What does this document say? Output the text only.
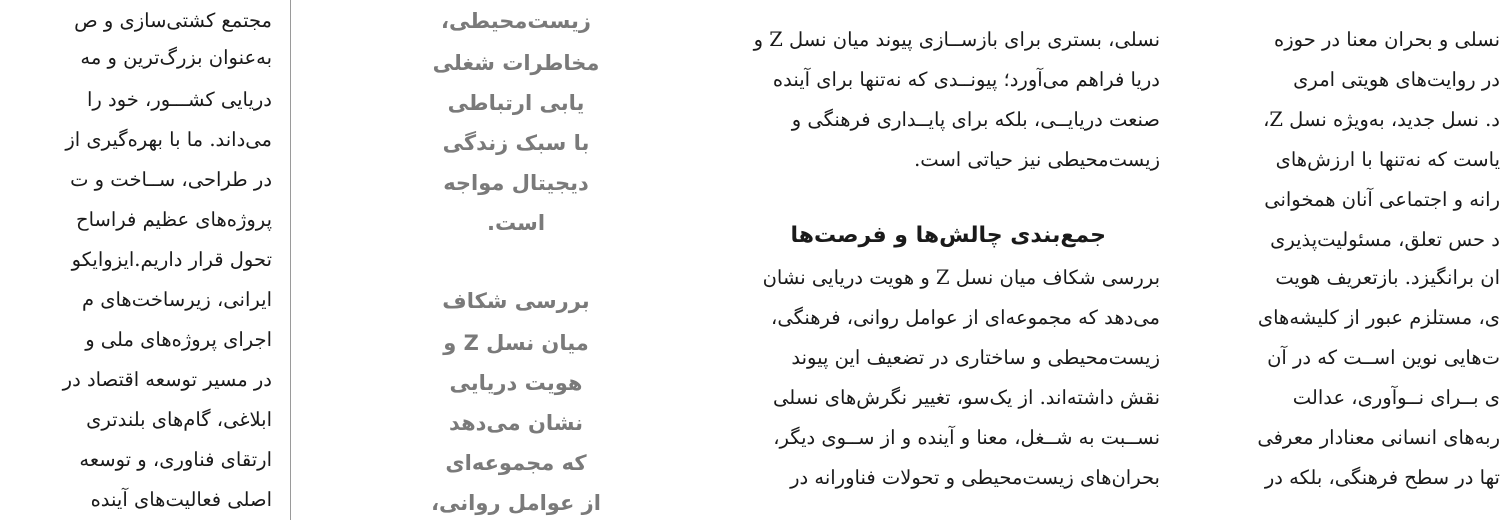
مجتمع کشتی‌سازی و ص
به‌عنوان بزرگ‌ترین و مه
دریایی کشـــور، خود را
می‌داند. ما با بهره‌گیری از
در طراحی، ســاخت و ت
پروژه‌های عظیم فراساح
تحول قرار داریم.ایزوایکو
ایرانی، زیرساخت‌های م
اجرای پروژه‌های ملی و
در مسیر توسعه اقتصاد در
ابلاغی، گام‌های بلندتری
ارتقای فناوری، و توسعه
اصلی فعالیت‌های آینده
زیست‌محیطی،
مخاطرات شغلی
یابی ارتباطی
با سبک زندگی
دیجیتال مواجه
است.
بررسی شکاف
میان نسل Z و
هویت دریایی
نشان می‌دهد
که مجموعه‌ای
از عوامل روانی،
نسلی، بستری برای بازســازی پیوند میان نسل Z و
دریا فراهم می‌آورد؛ پیونــدی که نه‌تنها برای آینده
صنعت دریایــی، بلکه برای پایــداری فرهنگی و
زیست‌محیطی نیز حیاتی است.
جمع‌بندی چالش‌ها و فرصت‌ها
بررسی شکاف میان نسل Z و هویت دریایی نشان
می‌دهد که مجموعه‌ای از عوامل روانی، فرهنگی،
زیست‌محیطی و ساختاری در تضعیف این پیوند
نقش داشته‌اند. از یک‌سو، تغییر نگرش‌های نسلی
نســبت به شــغل، معنا و آینده و از ســوی دیگر،
بحران‌های زیست‌محیطی و تحولات فناورانه در
نسلی و بحران معنا در حوزه
در روایت‌های هویتی امری
د. نسل جدید، به‌ویژه نسل Z،
یاست که نه‌تنها با ارزش‌های
رانه و اجتماعی آنان همخوانی
د حس تعلق، مسئولیت‌پذیری
ان برانگیزد. بازتعریف هویت
ی، مستلزم عبور از کلیشه‌های
ت‌هایی نوین اســت که در آن
ی بــرای نــوآوری، عدالت
ربه‌های انسانی معنادار معرفی
تها در سطح فرهنگی، بلکه در
